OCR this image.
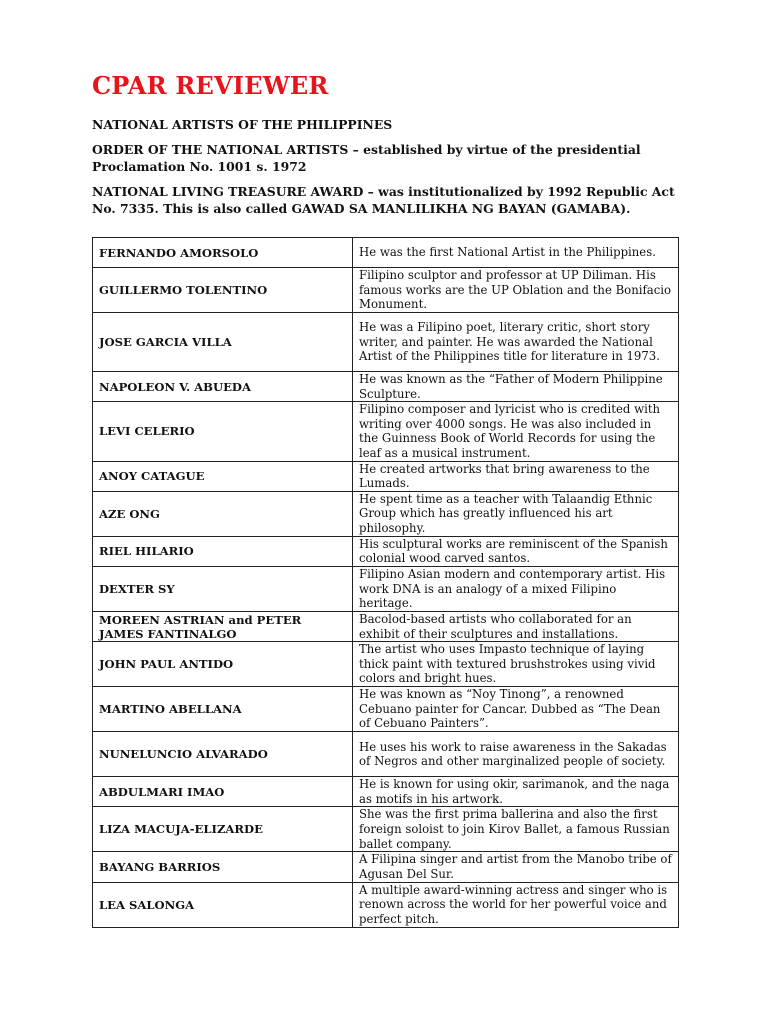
CPAR REVIEWER

NATIONAL ARTISTS OF THE PHILIPPINES

ORDER OF THE NATIONAL ARTISTS – established by virtue of the presidential Proclamation No. 1001 s. 1972

NATIONAL LIVING TREASURE AWARD – was institutionalized by 1992 Republic Act No. 7335. This is also called GAWAD SA MANLILIKHA NG BAYAN (GAMABA).

FERNANDO AMORSOLO	He was the first National Artist in the Philippines.
GUILLERMO TOLENTINO	Filipino sculptor and professor at UP Diliman. His famous works are the UP Oblation and the Bonifacio Monument.
JOSE GARCIA VILLA	He was a Filipino poet, literary critic, short story writer, and painter. He was awarded the National Artist of the Philippines title for literature in 1973.
NAPOLEON V. ABUEDA	He was known as the “Father of Modern Philippine Sculpture.
LEVI CELERIO	Filipino composer and lyricist who is credited with writing over 4000 songs. He was also included in the Guinness Book of World Records for using the leaf as a musical instrument.
ANOY CATAGUE	He created artworks that bring awareness to the Lumads.
AZE ONG	He spent time as a teacher with Talaandig Ethnic Group which has greatly influenced his art philosophy.
RIEL HILARIO	His sculptural works are reminiscent of the Spanish colonial wood carved santos.
DEXTER SY	Filipino Asian modern and contemporary artist. His work DNA is an analogy of a mixed Filipino heritage.
MOREEN ASTRIAN and PETER JAMES FANTINALGO	Bacolod-based artists who collaborated for an exhibit of their sculptures and installations.
JOHN PAUL ANTIDO	The artist who uses Impasto technique of laying thick paint with textured brushstrokes using vivid colors and bright hues.
MARTINO ABELLANA	He was known as “Noy Tinong”, a renowned Cebuano painter for Cancar. Dubbed as “The Dean of Cebuano Painters”.
NUNELUNCIO ALVARADO	He uses his work to raise awareness in the Sakadas of Negros and other marginalized people of society.
ABDULMARI IMAO	He is known for using okir, sarimanok, and the naga as motifs in his artwork.
LIZA MACUJA-ELIZARDE	She was the first prima ballerina and also the first foreign soloist to join Kirov Ballet, a famous Russian ballet company.
BAYANG BARRIOS	A Filipina singer and artist from the Manobo tribe of Agusan Del Sur.
LEA SALONGA	A multiple award-winning actress and singer who is renown across the world for her powerful voice and perfect pitch.
